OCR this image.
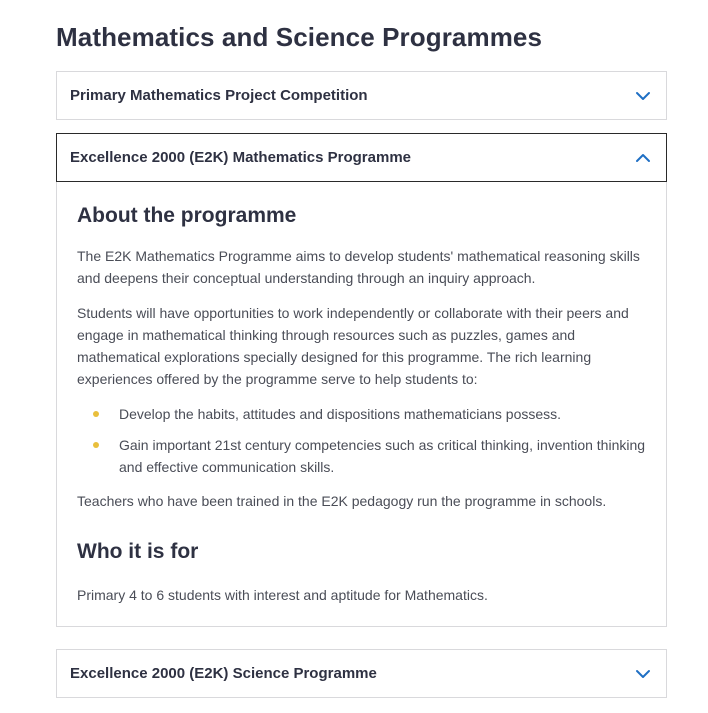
Mathematics and Science Programmes
Primary Mathematics Project Competition
Excellence 2000 (E2K) Mathematics Programme
About the programme

The E2K Mathematics Programme aims to develop students' mathematical reasoning skills and deepens their conceptual understanding through an inquiry approach.

Students will have opportunities to work independently or collaborate with their peers and engage in mathematical thinking through resources such as puzzles, games and mathematical explorations specially designed for this programme. The rich learning experiences offered by the programme serve to help students to:

Develop the habits, attitudes and dispositions mathematicians possess.
Gain important 21st century competencies such as critical thinking, invention thinking and effective communication skills.

Teachers who have been trained in the E2K pedagogy run the programme in schools.

Who it is for

Primary 4 to 6 students with interest and aptitude for Mathematics.

Excellence 2000 (E2K) Science Programme
